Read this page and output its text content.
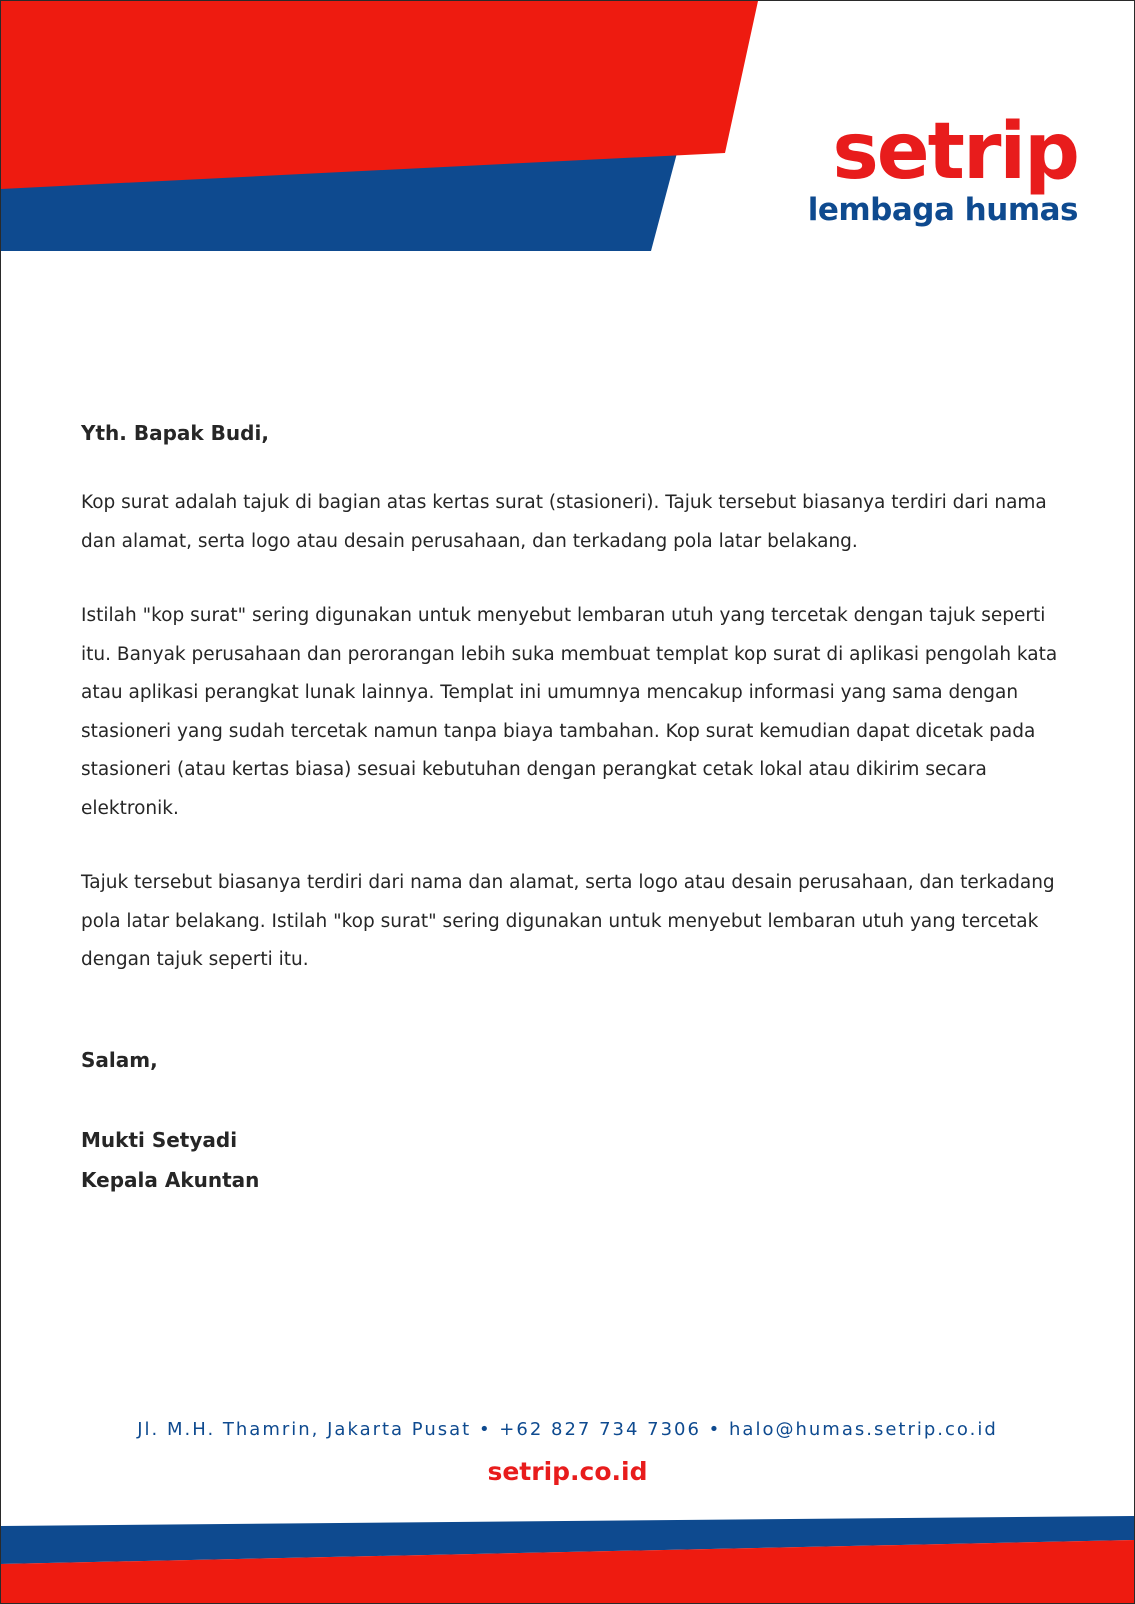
setrip
lembaga humas

Yth. Bapak Budi,

Kop surat adalah tajuk di bagian atas kertas surat (stasioneri). Tajuk tersebut biasanya terdiri dari nama dan alamat, serta logo atau desain perusahaan, dan terkadang pola latar belakang.

Istilah "kop surat" sering digunakan untuk menyebut lembaran utuh yang tercetak dengan tajuk seperti itu. Banyak perusahaan dan perorangan lebih suka membuat templat kop surat di aplikasi pengolah kata atau aplikasi perangkat lunak lainnya. Templat ini umumnya mencakup informasi yang sama dengan stasioneri yang sudah tercetak namun tanpa biaya tambahan. Kop surat kemudian dapat dicetak pada stasioneri (atau kertas biasa) sesuai kebutuhan dengan perangkat cetak lokal atau dikirim secara elektronik.

Tajuk tersebut biasanya terdiri dari nama dan alamat, serta logo atau desain perusahaan, dan terkadang pola latar belakang. Istilah "kop surat" sering digunakan untuk menyebut lembaran utuh yang tercetak dengan tajuk seperti itu.

Salam,

Mukti Setyadi

Kepala Akuntan

Jl. M.H. Thamrin, Jakarta Pusat • +62 827 734 7306 • halo@humas.setrip.co.id
setrip.co.id
